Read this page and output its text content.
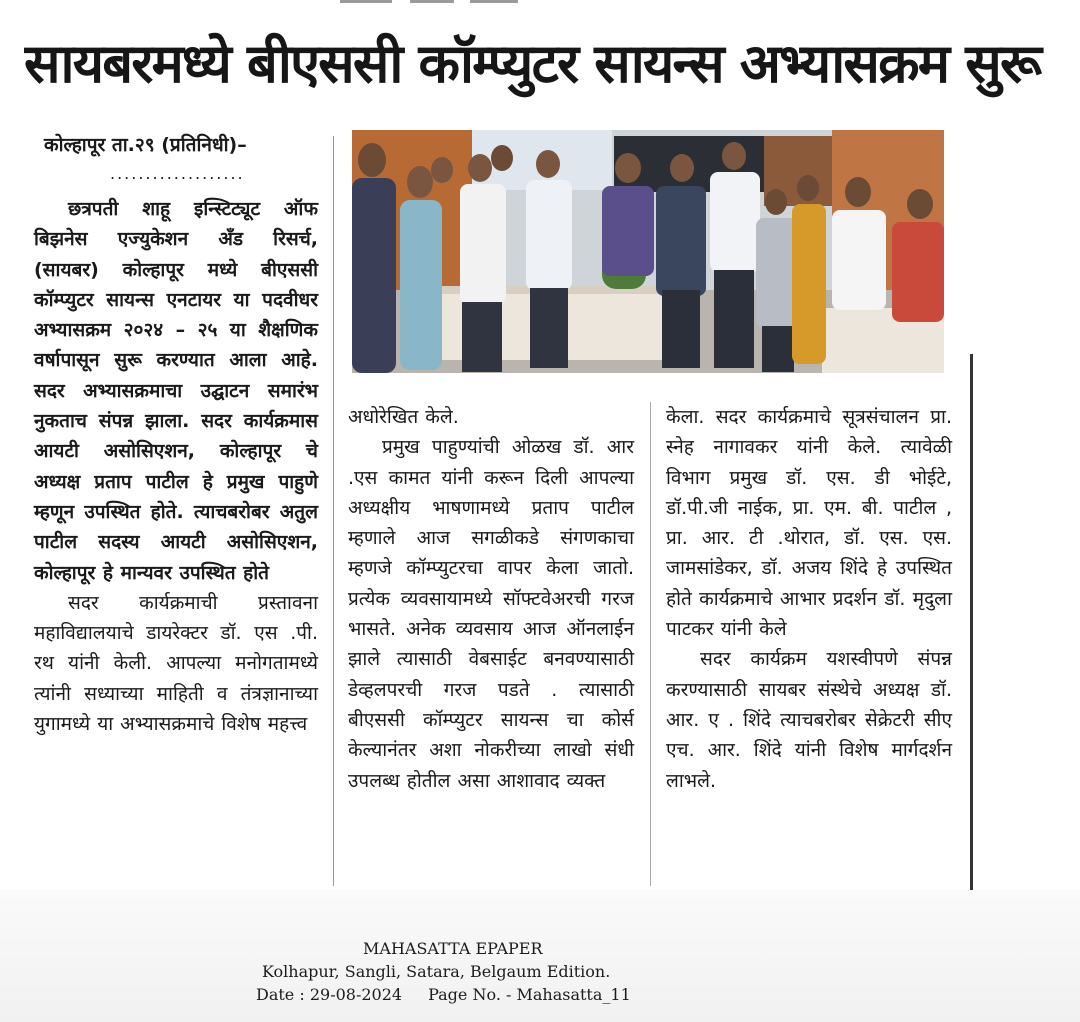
सायबरमध्ये बीएससी कॉम्प्युटर सायन्स अभ्यासक्रम सुरू
कोल्हापूर ता.२९ (प्रतिनिधी)–
...................

छत्रपती शाहू इन्स्टिट्यूट ऑफ बिझनेस एज्युकेशन अँड रिसर्च, (सायबर) कोल्हापूर मध्ये बीएससी कॉम्प्युटर सायन्स एनटायर या पदवीधर अभ्यासक्रम २०२४ – २५ या शैक्षणिक वर्षापासून सुरू करण्यात आला आहे. सदर अभ्यासक्रमाचा उद्घाटन समारंभ नुकताच संपन्न झाला. सदर कार्यक्रमास आयटी असोसिएशन, कोल्हापूर चे अध्यक्ष प्रताप पाटील हे प्रमुख पाहुणे म्हणून उपस्थित होते. त्याचबरोबर अतुल पाटील सदस्य आयटी असोसिएशन, कोल्हापूर हे मान्यवर उपस्थित होते

सदर कार्यक्रमाची प्रस्तावना महाविद्यालयाचे डायरेक्टर डॉ. एस .पी. रथ यांनी केली. आपल्या मनोगतामध्ये त्यांनी सध्याच्या माहिती व तंत्रज्ञानाच्या युगामध्ये या अभ्यासक्रमाचे विशेष महत्त्व

अधोरेखित केले.

प्रमुख पाहुण्यांची ओळख डॉ. आर .एस कामत यांनी करून दिली आपल्या अध्यक्षीय भाषणामध्ये प्रताप पाटील म्हणाले आज सगळीकडे संगणकाचा म्हणजे कॉम्प्युटरचा वापर केला जातो. प्रत्येक व्यवसायामध्ये सॉफ्टवेअरची गरज भासते. अनेक व्यवसाय आज ऑनलाईन झाले त्यासाठी वेबसाईट बनवण्यासाठी डेव्हलपरची गरज पडते . त्यासाठी बीएससी कॉम्प्युटर सायन्स चा कोर्स केल्यानंतर अशा नोकरीच्या लाखो संधी उपलब्ध होतील असा आशावाद व्यक्त

केला. सदर कार्यक्रमाचे सूत्रसंचालन प्रा. स्नेह नागावकर यांनी केले. त्यावेळी विभाग प्रमुख डॉ. एस. डी भोईटे, डॉ.पी.जी नाईक, प्रा. एम. बी. पाटील , प्रा. आर. टी .थोरात, डॉ. एस. एस. जामसांडेकर, डॉ. अजय शिंदे हे उपस्थित होते कार्यक्रमाचे आभार प्रदर्शन डॉ. मृदुला पाटकर यांनी केले

सदर कार्यक्रम यशस्वीपणे संपन्न करण्यासाठी सायबर संस्थेचे अध्यक्ष डॉ. आर. ए . शिंदे त्याचबरोबर सेक्रेटरी सीए एच. आर. शिंदे यांनी विशेष मार्गदर्शन लाभले.

MAHASATTA EPAPER
Kolhapur, Sangli, Satara, Belgaum Edition.
Date : 29-08-2024 Page No. - Mahasatta_11
